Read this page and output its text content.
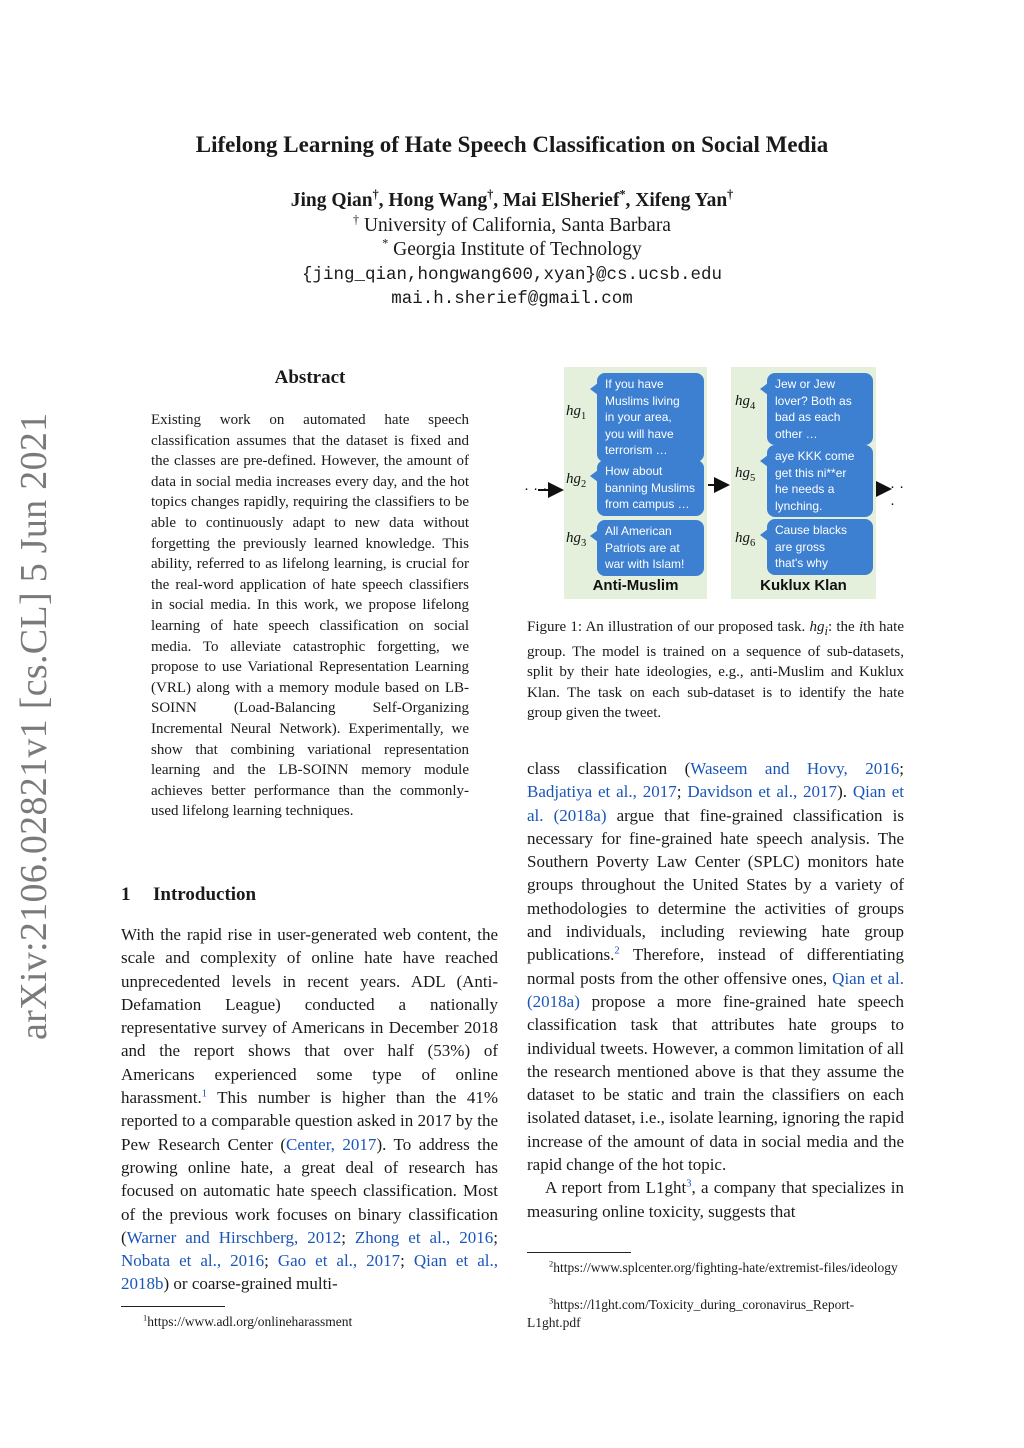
arXiv:2106.02821v1 [cs.CL] 5 Jun 2021
Lifelong Learning of Hate Speech Classification on Social Media
Jing Qian†, Hong Wang†, Mai ElSherief*, Xifeng Yan†
† University of California, Santa Barbara
* Georgia Institute of Technology
{jing_qian,hongwang600,xyan}@cs.ucsb.edu
mai.h.sherief@gmail.com
Abstract
Existing work on automated hate speech classification assumes that the dataset is fixed and the classes are pre-defined. However, the amount of data in social media increases every day, and the hot topics changes rapidly, requiring the classifiers to be able to continuously adapt to new data without forgetting the previously learned knowledge. This ability, referred to as lifelong learning, is crucial for the real-word application of hate speech classifiers in social media. In this work, we propose lifelong learning of hate speech classification on social media. To alleviate catastrophic forgetting, we propose to use Variational Representation Learning (VRL) along with a memory module based on LB-SOINN (Load-Balancing Self-Organizing Incremental Neural Network). Experimentally, we show that combining variational representation learning and the LB-SOINN memory module achieves better performance than the commonly-used lifelong learning techniques.
1 Introduction
With the rapid rise in user-generated web content, the scale and complexity of online hate have reached unprecedented levels in recent years. ADL (Anti-Defamation League) conducted a nationally representative survey of Americans in December 2018 and the report shows that over half (53%) of Americans experienced some type of online harassment.$^1$ This number is higher than the 41% reported to a comparable question asked in 2017 by the Pew Research Center (Center, 2017). To address the growing online hate, a great deal of research has focused on automatic hate speech classification. Most of the previous work focuses on binary classification (Warner and Hirschberg, 2012; Zhong et al., 2016; Nobata et al., 2016; Gao et al., 2017; Qian et al., 2018b) or coarse-grained multi-
$^1$https://www.adl.org/onlineharassment
· · ·	· · ·
$hg_1$
$hg_2$
$hg_3$
If you have
Muslims living
in your area,
you will have
terrorism …
How about
banning Muslims
from campus …
All American
Patriots are at
war with Islam!
Anti-Muslim
$hg_4$
$hg_5$
$hg_6$
Jew or Jew
lover? Both as
bad as each
other …
aye KKK come
get this ni**er
he needs a
lynching.
Cause blacks
are gross
that's why
Kuklux Klan
Figure 1: An illustration of our proposed task. $hg_i$: the ith hate group. The model is trained on a sequence of sub-datasets, split by their hate ideologies, e.g., anti-Muslim and Kuklux Klan. The task on each sub-dataset is to identify the hate group given the tweet.

class classification (Waseem and Hovy, 2016; Badjatiya et al., 2017; Davidson et al., 2017). Qian et al. (2018a) argue that fine-grained classification is necessary for fine-grained hate speech analysis. The Southern Poverty Law Center (SPLC) monitors hate groups throughout the United States by a variety of methodologies to determine the activities of groups and individuals, including reviewing hate group publications.$^2$ Therefore, instead of differentiating normal posts from the other offensive ones, Qian et al. (2018a) propose a more fine-grained hate speech classification task that attributes hate groups to individual tweets. However, a common limitation of all the research mentioned above is that they assume the dataset to be static and train the classifiers on each isolated dataset, i.e., isolate learning, ignoring the rapid increase of the amount of data in social media and the rapid change of the hot topic.

A report from L1ght$^3$, a company that specializes in measuring online toxicity, suggests that

$^2$https://www.splcenter.org/fighting-hate/extremist-files/ideology
$^3$https://l1ght.com/Toxicity_during_coronavirus_Report-L1ght.pdf
